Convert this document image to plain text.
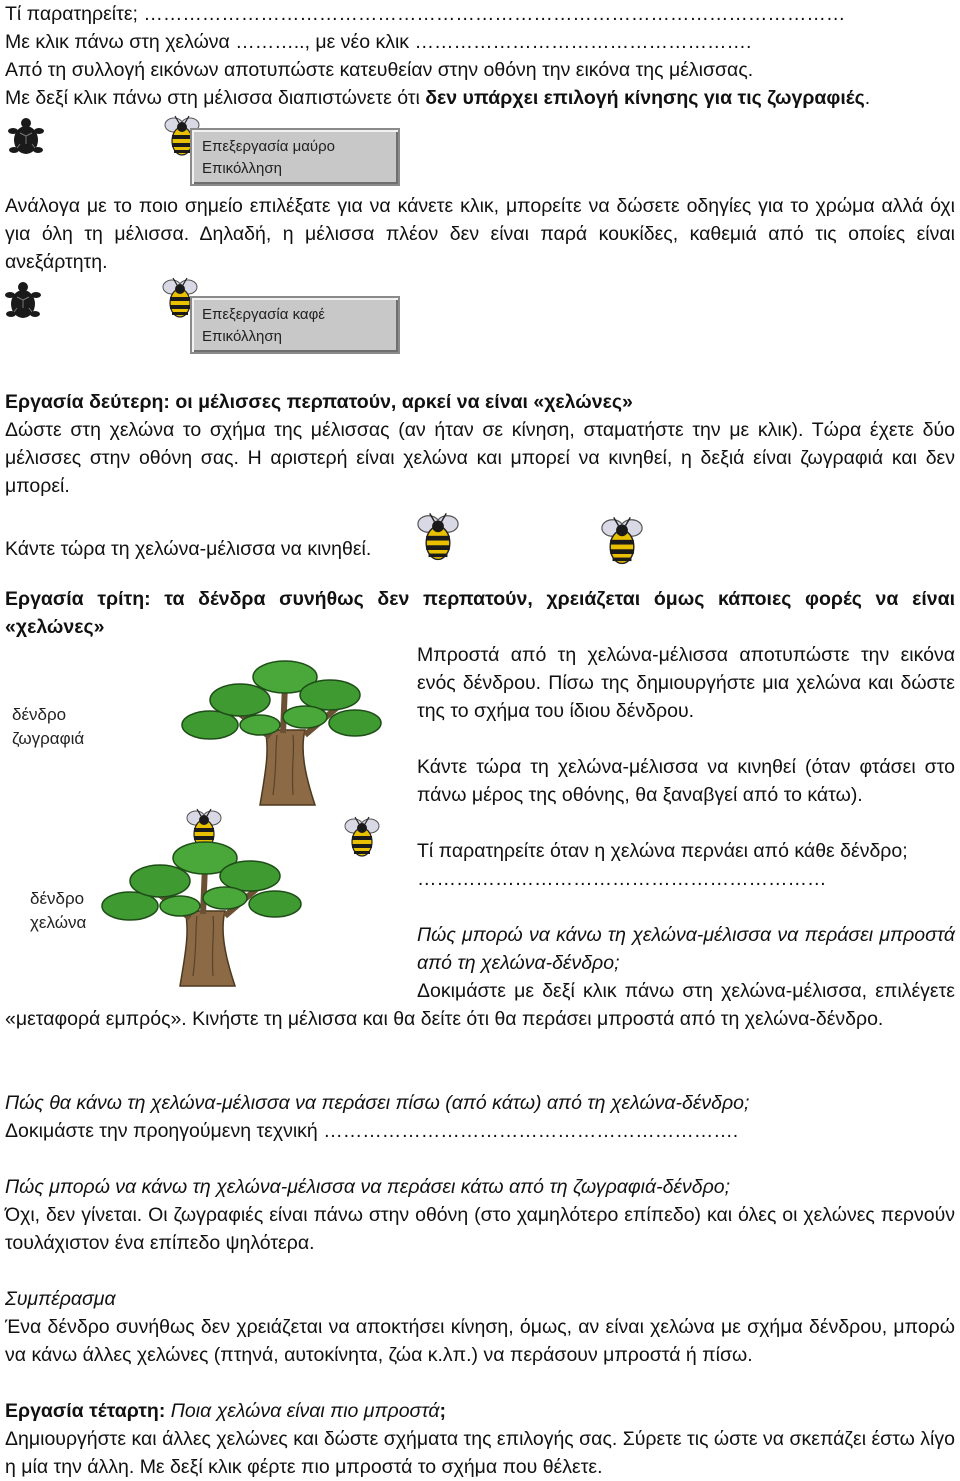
Τί παρατηρείτε; ………………………………………………………………………………………………
Με κλικ πάνω στη χελώνα ……….., με νέο κλικ …………………………………………….
Από τη συλλογή εικόνων αποτυπώστε κατευθείαν στην οθόνη την εικόνα της μέλισσας.
Με δεξί κλικ πάνω στη μέλισσα διαπιστώνετε ότι δεν υπάρχει επιλογή κίνησης για τις ζωγραφιές.
Επεξεργασία μαύρο
Επικόλληση
Ανάλογα με το ποιο σημείο επιλέξατε για να κάνετε κλικ, μπορείτε να δώσετε οδηγίες για το χρώμα αλλά όχι για όλη τη μέλισσα. Δηλαδή, η μέλισσα πλέον δεν είναι παρά κουκίδες, καθεμιά από τις οποίες είναι ανεξάρτητη.
Επεξεργασία καφέ
Επικόλληση
Εργασία δεύτερη: οι μέλισσες περπατούν, αρκεί να είναι «χελώνες»
Δώστε στη χελώνα το σχήμα της μέλισσας (αν ήταν σε κίνηση, σταματήστε την με κλικ). Τώρα έχετε δύο μέλισσες στην οθόνη σας. Η αριστερή είναι χελώνα και μπορεί να κινηθεί, η δεξιά είναι ζωγραφιά και δεν μπορεί.
Κάντε τώρα τη χελώνα-μέλισσα να κινηθεί.
Εργασία τρίτη: τα δένδρα συνήθως δεν περπατούν, χρειάζεται όμως κάποιες φορές να είναι «χελώνες»
δένδρο
ζωγραφιά
δένδρο
χελώνα
Μπροστά από τη χελώνα-μέλισσα αποτυπώστε την εικόνα ενός δένδρου. Πίσω της δημιουργήστε μια χελώνα και δώστε της το σχήμα του ίδιου δένδρου.
Κάντε τώρα τη χελώνα-μέλισσα να κινηθεί (όταν φτάσει στο πάνω μέρος της οθόνης, θα ξαναβγεί από το κάτω).
Τί παρατηρείτε όταν η χελώνα περνάει από κάθε δένδρο;
………………………………………………………
Πώς μπορώ να κάνω τη χελώνα-μέλισσα να περάσει μπροστά από τη χελώνα-δένδρο;
Δοκιμάστε με δεξί κλικ πάνω στη χελώνα-μέλισσα, επιλέγετε «μεταφορά εμπρός». Κινήστε τη μέλισσα και θα δείτε ότι θα περάσει μπροστά από τη χελώνα-δένδρο.
Πώς θα κάνω τη χελώνα-μέλισσα να περάσει πίσω (από κάτω) από τη χελώνα-δένδρο;
Δοκιμάστε την προηγούμενη τεχνική ……………………………………………………….
Πώς μπορώ να κάνω τη χελώνα-μέλισσα να περάσει κάτω από τη ζωγραφιά-δένδρο;
Όχι, δεν γίνεται. Οι ζωγραφιές είναι πάνω στην οθόνη (στο χαμηλότερο επίπεδο) και όλες οι χελώνες περνούν τουλάχιστον ένα επίπεδο ψηλότερα.
Συμπέρασμα
Ένα δένδρο συνήθως δεν χρειάζεται να αποκτήσει κίνηση, όμως, αν είναι χελώνα με σχήμα δένδρου, μπορώ να κάνω άλλες χελώνες (πτηνά, αυτοκίνητα, ζώα κ.λπ.) να περάσουν μπροστά ή πίσω.
Εργασία τέταρτη: Ποια χελώνα είναι πιο μπροστά;
Δημιουργήστε και άλλες χελώνες και δώστε σχήματα της επιλογής σας. Σύρετε τις ώστε να σκεπάζει έστω λίγο η μία την άλλη. Με δεξί κλικ φέρτε πιο μπροστά το σχήμα που θέλετε.
